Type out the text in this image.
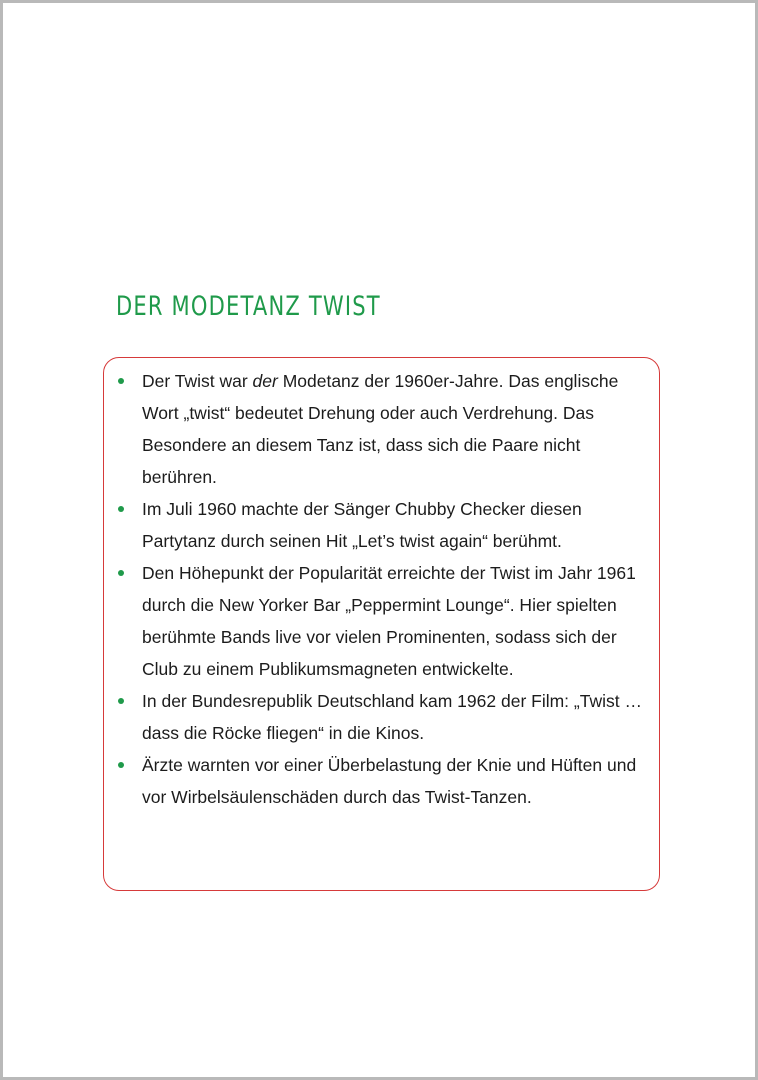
DER MODETANZ TWIST
Der Twist war der Modetanz der 1960er-Jahre. Das englische Wort „twist“ bedeutet Drehung oder auch Verdrehung. Das Besondere an diesem Tanz ist, dass sich die Paare nicht berühren.
Im Juli 1960 machte der Sänger Chubby Checker diesen Partytanz durch seinen Hit „Let’s twist again“ berühmt.
Den Höhepunkt der Popularität erreichte der Twist im Jahr 1961 durch die New Yorker Bar „Peppermint Lounge“. Hier spielten berühmte Bands live vor vielen Prominenten, sodass sich der Club zu einem Publikumsmagneten entwickelte.
In der Bundesrepublik Deutschland kam 1962 der Film: „Twist … dass die Röcke fliegen“ in die Kinos.
Ärzte warnten vor einer Überbelastung der Knie und Hüften und vor Wirbelsäulenschäden durch das Twist-Tanzen.
